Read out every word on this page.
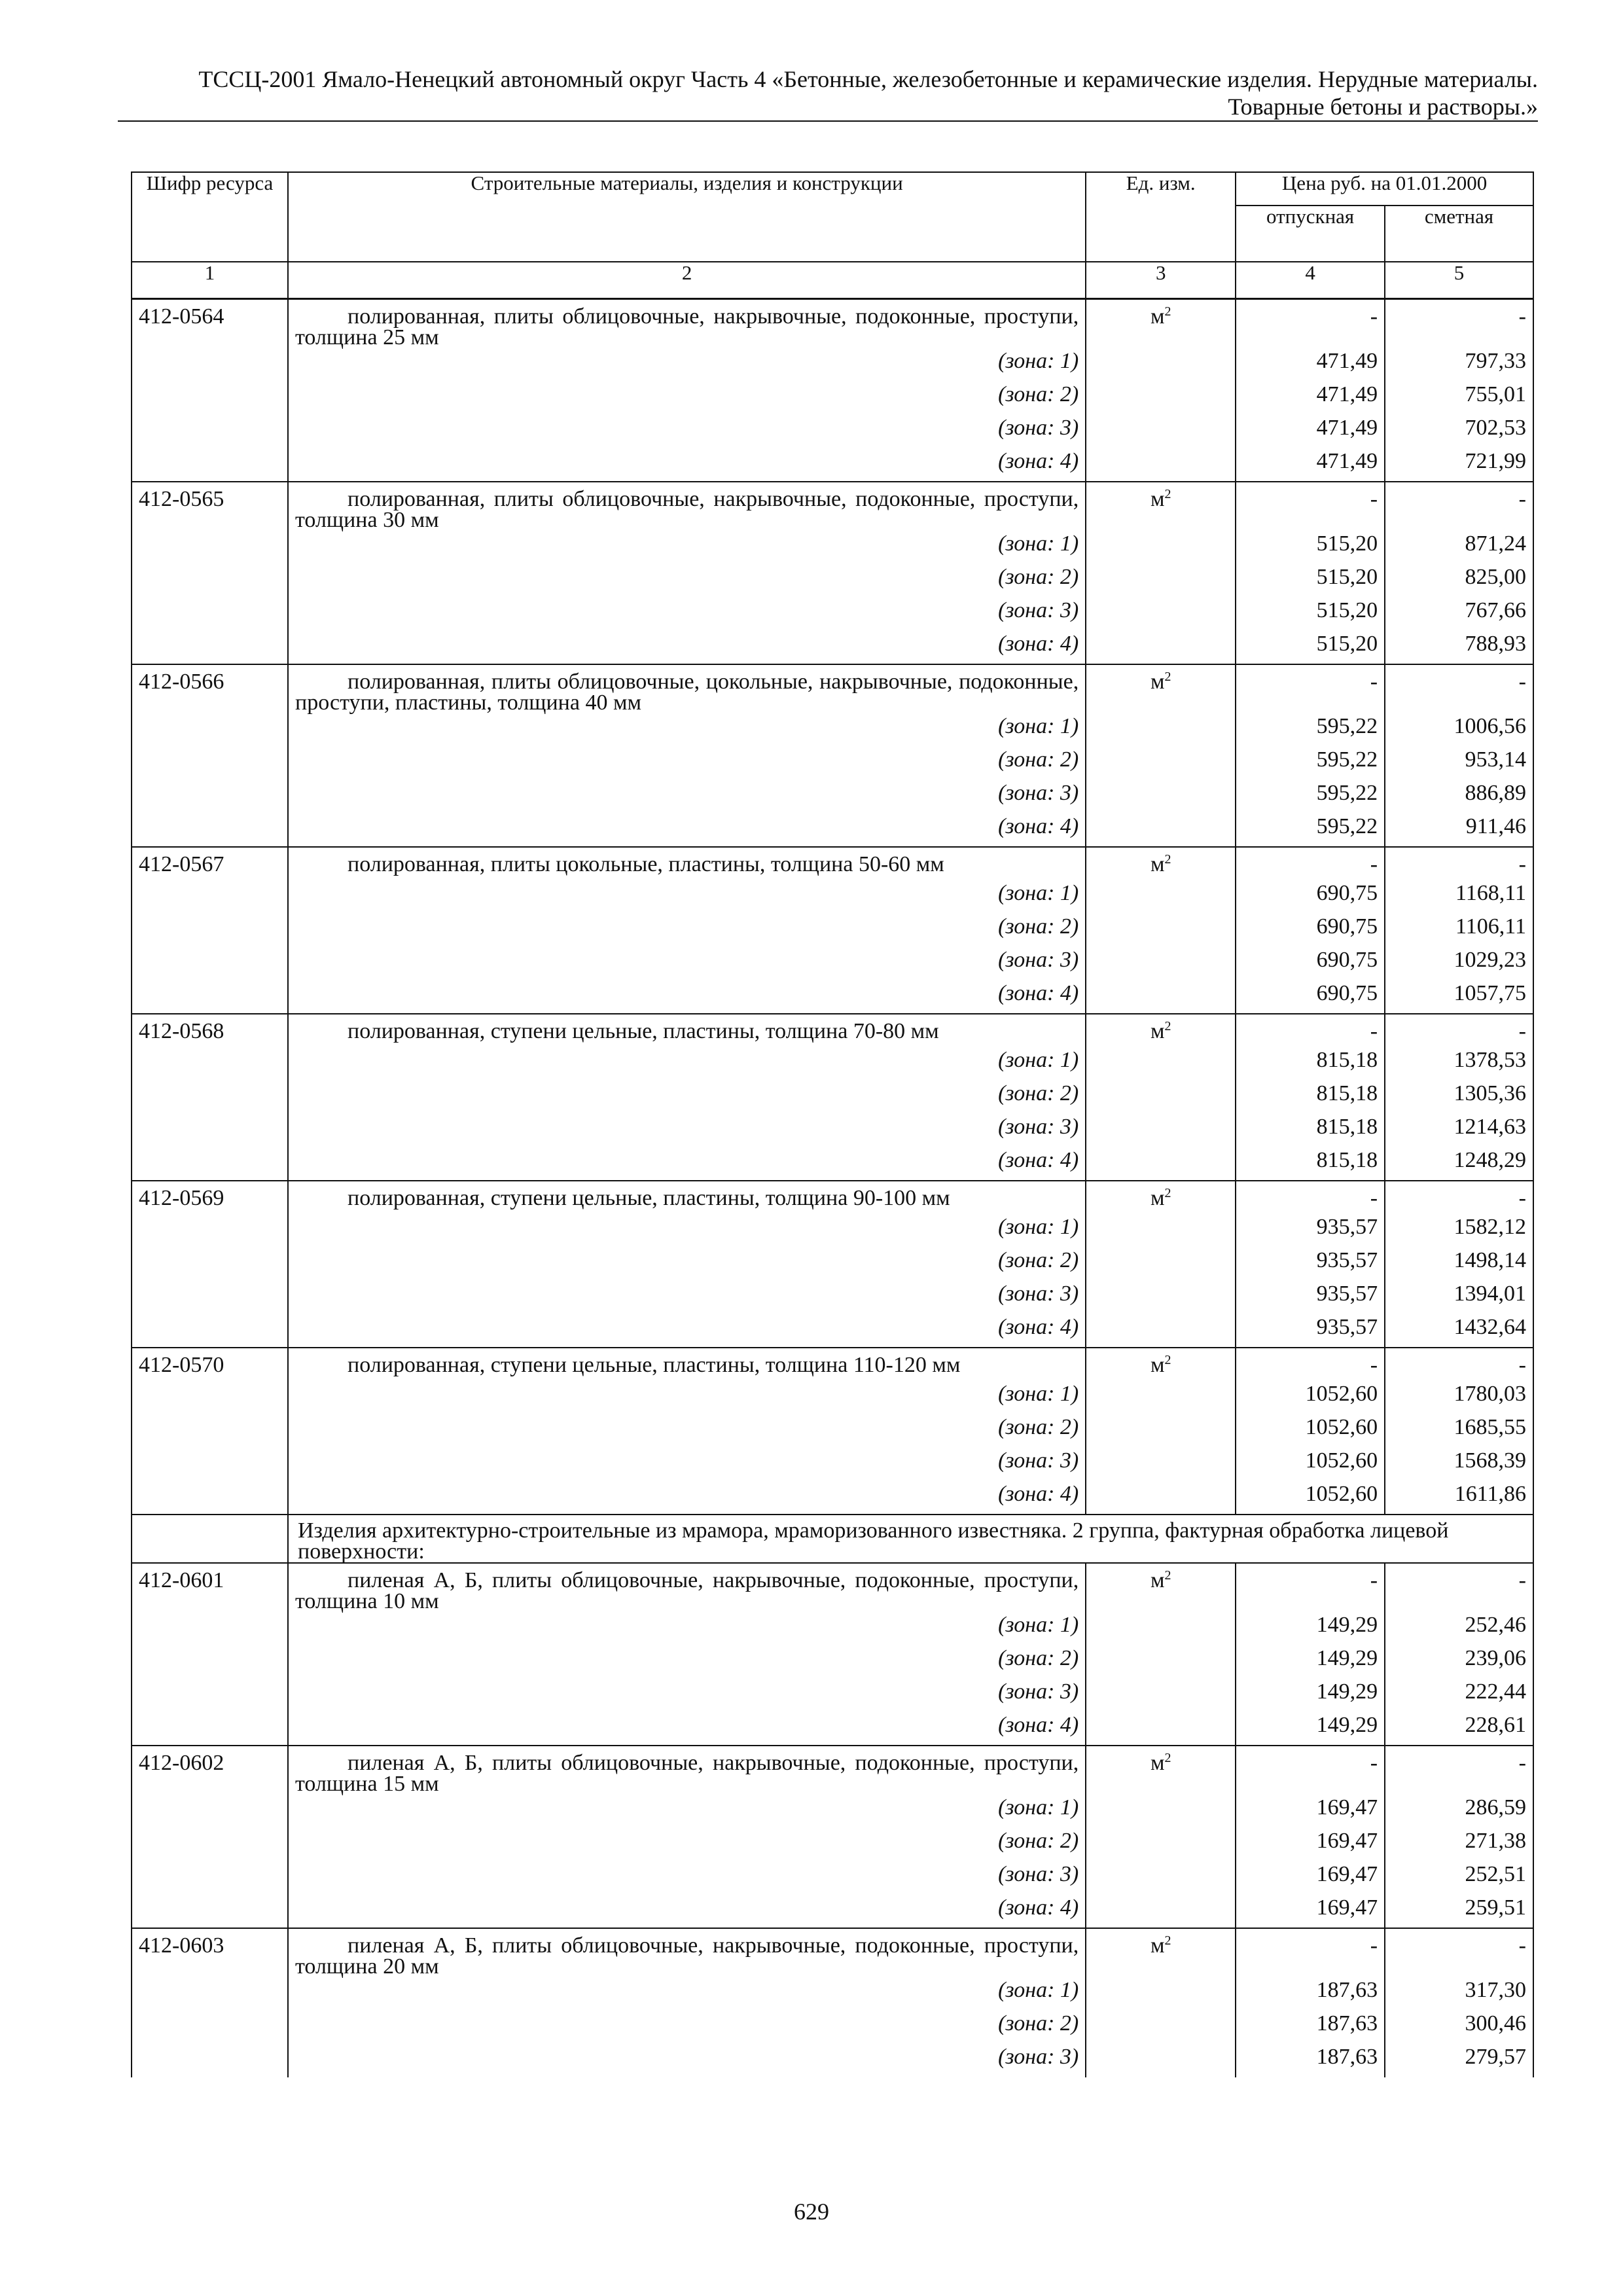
ТССЦ-2001 Ямало-Ненецкий автономный округ Часть 4 «Бетонные, железобетонные и керамические изделия. Нерудные материалы.
Товарные бетоны и растворы.»
Шифр ресурса	Строительные материалы, изделия и конструкции	Ед. изм.	Цена руб. на 01.01.2000	
			отпускная	сметная
1	2	3	4	5
412-0564	полированная, плиты облицовочные, накрывочные, подоконные, проступи, толщина 25 мм	$м^2$	-	-
	(зона: 1)		471,49	797,33
	(зона: 2)		471,49	755,01
	(зона: 3)		471,49	702,53
	(зона: 4)		471,49	721,99
412-0565	полированная, плиты облицовочные, накрывочные, подоконные, проступи, толщина 30 мм	$м^2$	-	-
	(зона: 1)		515,20	871,24
	(зона: 2)		515,20	825,00
	(зона: 3)		515,20	767,66
	(зона: 4)		515,20	788,93
412-0566	полированная, плиты облицовочные, цокольные, накрывочные, подоконные, проступи, пластины, толщина 40 мм	$м^2$	-	-
	(зона: 1)		595,22	1006,56
	(зона: 2)		595,22	953,14
	(зона: 3)		595,22	886,89
	(зона: 4)		595,22	911,46
412-0567	полированная, плиты цокольные, пластины, толщина 50-60 мм	$м^2$	-	-
	(зона: 1)		690,75	1168,11
	(зона: 2)		690,75	1106,11
	(зона: 3)		690,75	1029,23
	(зона: 4)		690,75	1057,75
412-0568	полированная, ступени цельные, пластины, толщина 70-80 мм	$м^2$	-	-
	(зона: 1)		815,18	1378,53
	(зона: 2)		815,18	1305,36
	(зона: 3)		815,18	1214,63
	(зона: 4)		815,18	1248,29
412-0569	полированная, ступени цельные, пластины, толщина 90-100 мм	$м^2$	-	-
	(зона: 1)		935,57	1582,12
	(зона: 2)		935,57	1498,14
	(зона: 3)		935,57	1394,01
	(зона: 4)		935,57	1432,64
412-0570	полированная, ступени цельные, пластины, толщина 110-120 мм	$м^2$	-	-
	(зона: 1)		1052,60	1780,03
	(зона: 2)		1052,60	1685,55
	(зона: 3)		1052,60	1568,39
	(зона: 4)		1052,60	1611,86
	Изделия архитектурно-строительные из мрамора, мраморизованного известняка. 2 группа, фактурная обработка лицевой поверхности:			
412-0601	пиленая А, Б, плиты облицовочные, накрывочные, подоконные, проступи, толщина 10 мм	$м^2$	-	-
	(зона: 1)		149,29	252,46
	(зона: 2)		149,29	239,06
	(зона: 3)		149,29	222,44
	(зона: 4)		149,29	228,61
412-0602	пиленая А, Б, плиты облицовочные, накрывочные, подоконные, проступи, толщина 15 мм	$м^2$	-	-
	(зона: 1)		169,47	286,59
	(зона: 2)		169,47	271,38
	(зона: 3)		169,47	252,51
	(зона: 4)		169,47	259,51
412-0603	пиленая А, Б, плиты облицовочные, накрывочные, подоконные, проступи, толщина 20 мм	$м^2$	-	-
	(зона: 1)		187,63	317,30
	(зона: 2)		187,63	300,46
	(зона: 3)		187,63	279,57
629
